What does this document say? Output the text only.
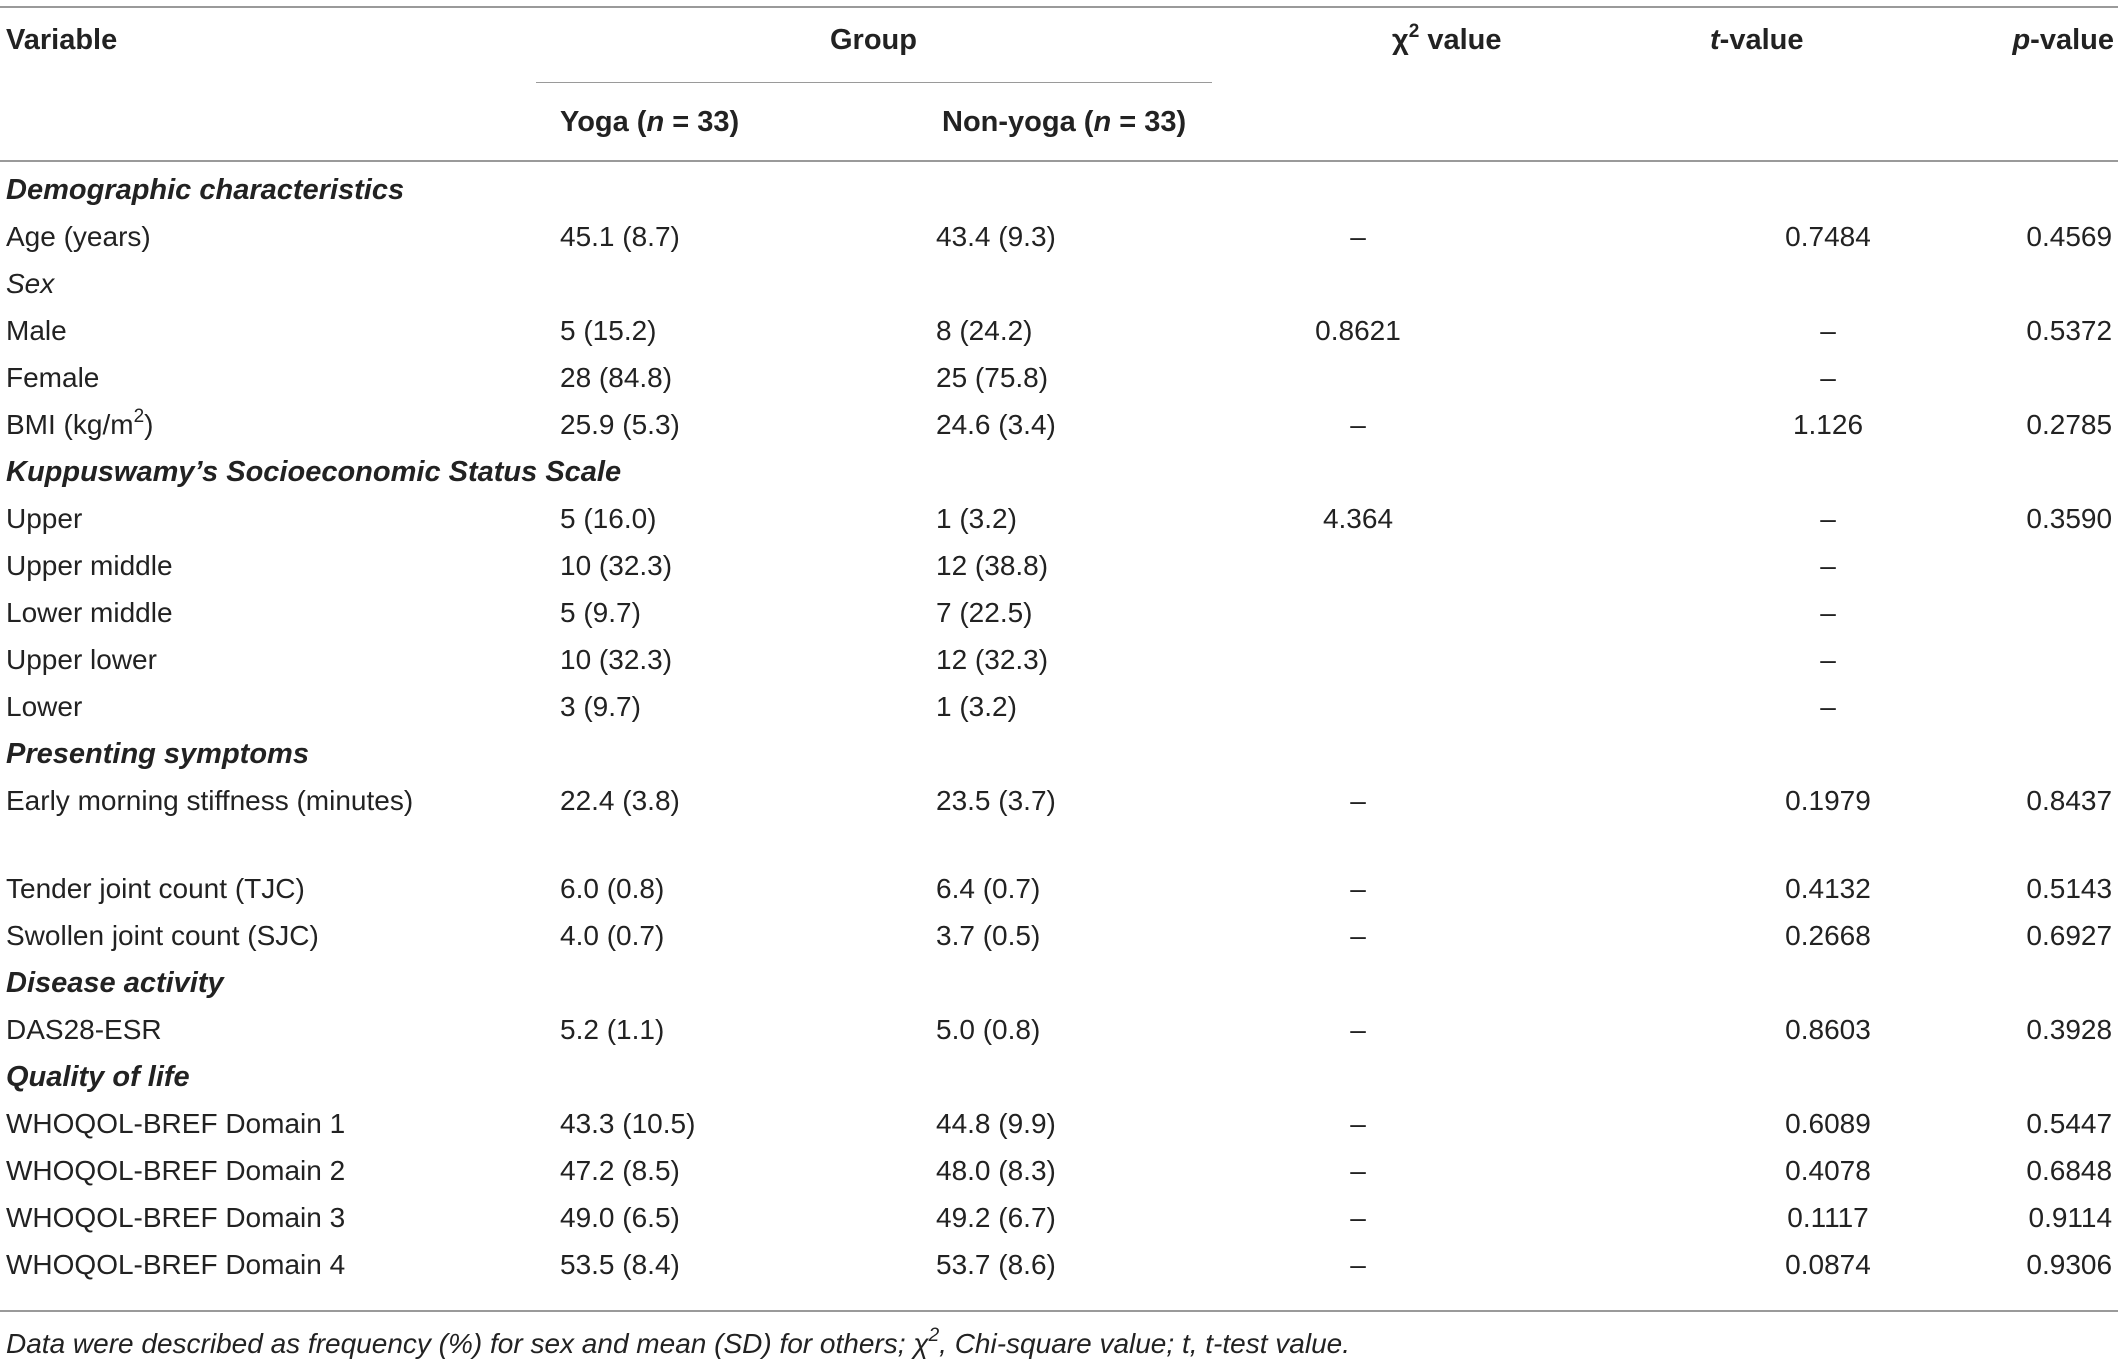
Variable	Group	$\chi^2$ value	t-value	p-value
Yoga (n = 33)	Non-yoga (n = 33)
Demographic characteristics					
Age (years)	45.1 (8.7)	43.4 (9.3)	–	0.7484	0.4569
Sex					
Male	5 (15.2)	8 (24.2)	0.8621	–	0.5372
Female	28 (84.8)	25 (75.8)		–	
BMI $(kg/m^2)$	25.9 (5.3)	24.6 (3.4)	–	1.126	0.2785
Kuppuswamy’s Socioeconomic Status Scale					
Upper	5 (16.0)	1 (3.2)	4.364	–	0.3590
Upper middle	10 (32.3)	12 (38.8)		–	
Lower middle	5 (9.7)	7 (22.5)		–	
Upper lower	10 (32.3)	12 (32.3)		–	
Lower	3 (9.7)	1 (3.2)		–	
Presenting symptoms					
Early morning stiffness (minutes)	22.4 (3.8)	23.5 (3.7)	–	0.1979	0.8437
Tender joint count (TJC)	6.0 (0.8)	6.4 (0.7)	–	0.4132	0.5143
Swollen joint count (SJC)	4.0 (0.7)	3.7 (0.5)	–	0.2668	0.6927
Disease activity					
DAS28-ESR	5.2 (1.1)	5.0 (0.8)	–	0.8603	0.3928
Quality of life					
WHOQOL-BREF Domain 1	43.3 (10.5)	44.8 (9.9)	–	0.6089	0.5447
WHOQOL-BREF Domain 2	47.2 (8.5)	48.0 (8.3)	–	0.4078	0.6848
WHOQOL-BREF Domain 3	49.0 (6.5)	49.2 (6.7)	–	0.1117	0.9114
WHOQOL-BREF Domain 4	53.5 (8.4)	53.7 (8.6)	–	0.0874	0.9306
Data were described as frequency (%) for sex and mean (SD) for others; $\chi^2$, Chi-square value; t, t-test value.
